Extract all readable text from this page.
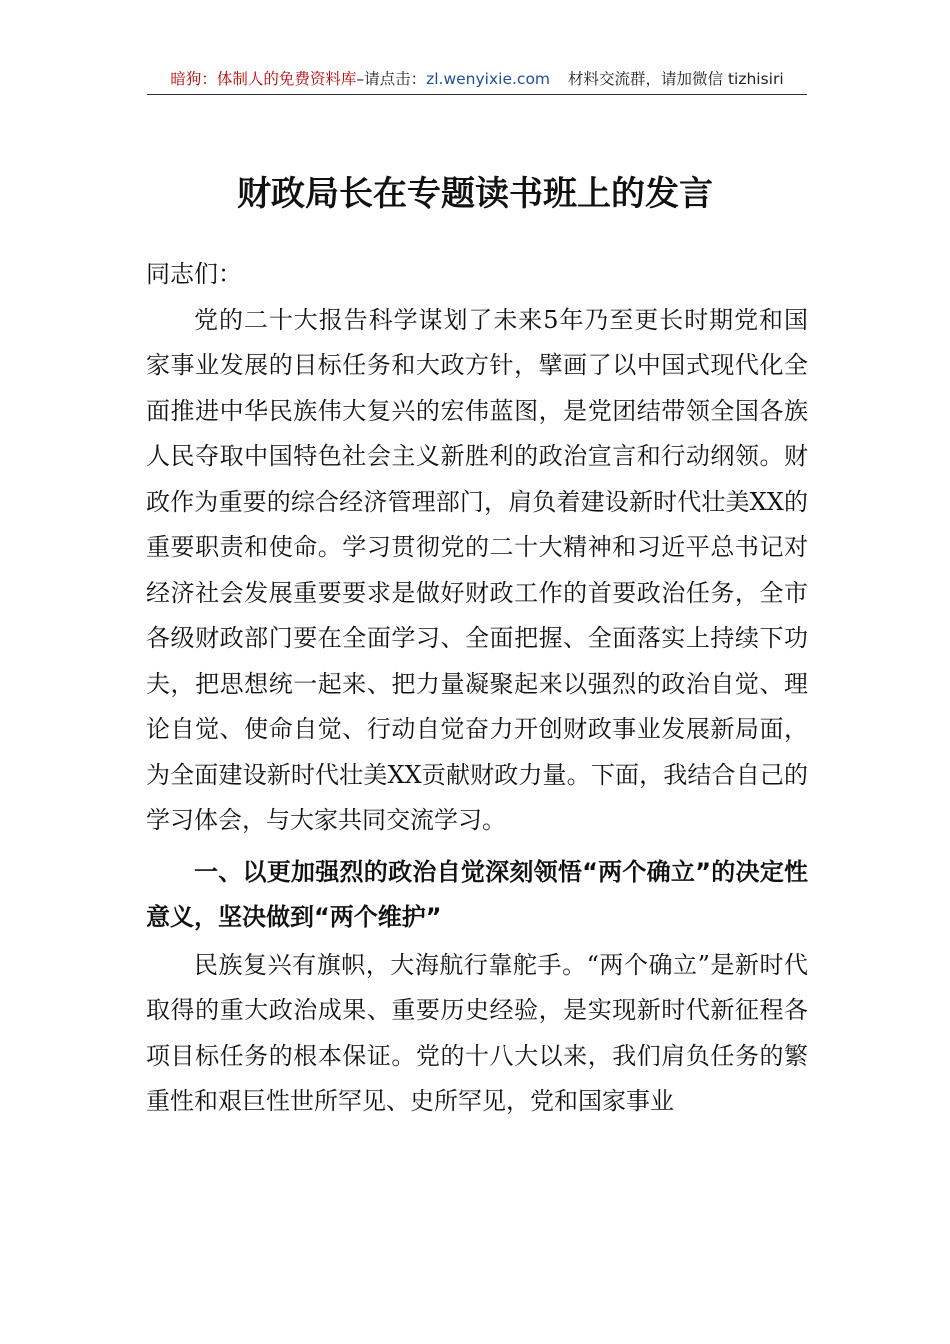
暗狗：体制人的免费资料库–请点击：zl.wenyixie.com 材料交流群，请加微信 tizhisiri
财政局长在专题读书班上的发言

同志们：

党的二十大报告科学谋划了未来5年乃至更长时期党和国家事业发展的目标任务和大政方针，擘画了以中国式现代化全面推进中华民族伟大复兴的宏伟蓝图，是党团结带领全国各族人民夺取中国特色社会主义新胜利的政治宣言和行动纲领。财政作为重要的综合经济管理部门，肩负着建设新时代壮美XX的重要职责和使命。学习贯彻党的二十大精神和习近平总书记对经济社会发展重要要求是做好财政工作的首要政治任务，全市各级财政部门要在全面学习、全面把握、全面落实上持续下功夫，把思想统一起来、把力量凝聚起来以强烈的政治自觉、理论自觉、使命自觉、行动自觉奋力开创财政事业发展新局面，为全面建设新时代壮美XX贡献财政力量。下面，我结合自己的学习体会，与大家共同交流学习。

一、以更加强烈的政治自觉深刻领悟“两个确立”的决定性意义，坚决做到“两个维护”

民族复兴有旗帜，大海航行靠舵手。“两个确立”是新时代取得的重大政治成果、重要历史经验，是实现新时代新征程各项目标任务的根本保证。党的十八大以来，我们肩负任务的繁重性和艰巨性世所罕见、史所罕见，党和国家事业
